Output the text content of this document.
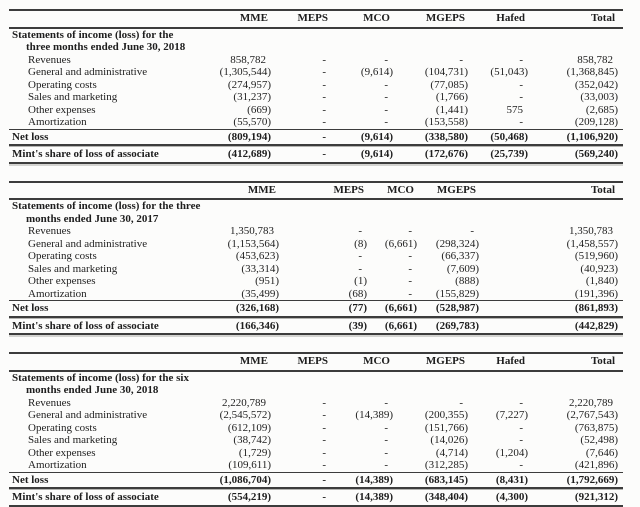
	MME	MEPS	MCO	MGEPS	Hafed	Total

Statements of income (loss) for the
three months ended June 30, 2018						

Revenues	858,782	-	-	-	-	858,782
General and administrative	(1,305,544)	-	(9,614)	(104,731)	(51,043)	(1,368,845)
Operating costs	(274,957)	-	-	(77,085)	-	(352,042)
Sales and marketing	(31,237)	-	-	(1,766)	-	(33,003)
Other expenses	(669)	-	-	(1,441)	575	(2,685)
Amortization	(55,570)	-	-	(153,558)	-	(209,128)
Net loss	(809,194)	-	(9,614)	(338,580)	(50,468)	(1,106,920)
Mint's share of loss of associate	(412,689)	-	(9,614)	(172,676)	(25,739)	(569,240)
	MME	MEPS	MCO	MGEPS	Total

Statements of income (loss) for the three
months ended June 30, 2017					

Revenues	1,350,783	-	-	-	1,350,783
General and administrative	(1,153,564)	(8)	(6,661)	(298,324)	(1,458,557)
Operating costs	(453,623)	-	-	(66,337)	(519,960)
Sales and marketing	(33,314)	-	-	(7,609)	(40,923)
Other expenses	(951)	(1)	-	(888)	(1,840)
Amortization	(35,499)	(68)	-	(155,829)	(191,396)
Net loss	(326,168)	(77)	(6,661)	(528,987)	(861,893)
Mint's share of loss of associate	(166,346)	(39)	(6,661)	(269,783)	(442,829)
	MME	MEPS	MCO	MGEPS	Hafed	Total

Statements of income (loss) for the six
months ended June 30, 2018						

Revenues	2,220,789	-	-	-	-	2,220,789
General and administrative	(2,545,572)	-	(14,389)	(200,355)	(7,227)	(2,767,543)
Operating costs	(612,109)	-	-	(151,766)	-	(763,875)
Sales and marketing	(38,742)	-	-	(14,026)	-	(52,498)
Other expenses	(1,729)	-	-	(4,714)	(1,204)	(7,646)
Amortization	(109,611)	-	-	(312,285)	-	(421,896)
Net loss	(1,086,704)	-	(14,389)	(683,145)	(8,431)	(1,792,669)
Mint's share of loss of associate	(554,219)	-	(14,389)	(348,404)	(4,300)	(921,312)
